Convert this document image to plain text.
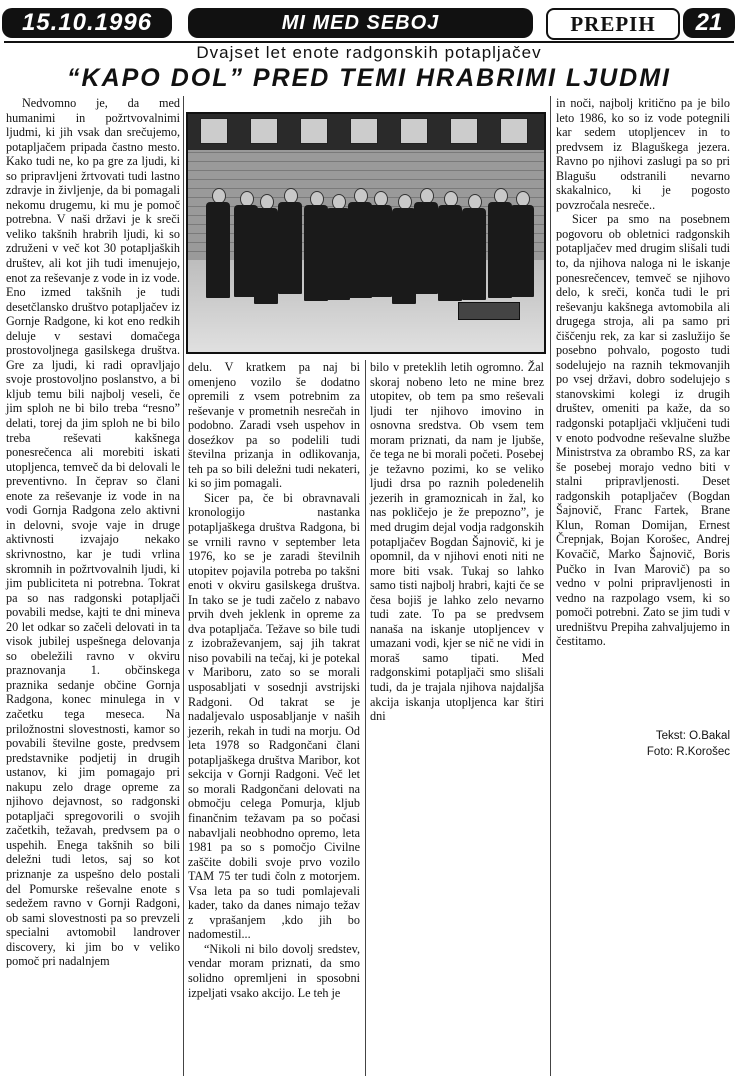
15.10.1996	MI MED SEBOJ	PREPIH	21
Dvajset let enote radgonskih potapljačev
“KAPO DOL” PRED TEMI HRABRIMI LJUDMI

Nedvomno je, da med humanimi in požrtvovalnimi ljudmi, ki jih vsak dan srečujemo, potapljačem pripada častno mesto. Kako tudi ne, ko pa gre za ljudi, ki so pripravljeni žrtvovati tudi lastno zdravje in življenje, da bi pomagali nekomu drugemu, ki mu je pomoč potrebna. V naši državi je k sreči veliko takšnih hrabrih ljudi, ki so združeni v več kot 30 potapljaških društev, ali kot jih tudi imenujejo, enot za reševanje z vode in iz vode. Eno izmed takšnih je tudi desetčlansko društvo potapljačev iz Gornje Radgone, ki kot eno redkih deluje v sestavi domačega prostovoljnega gasilskega društva. Gre za ljudi, ki radi opravljajo svoje prostovoljno poslanstvo, a bi kljub temu bili najbolj veseli, če jim sploh ne bi bilo treba “resno” delati, torej da jim sploh ne bi bilo treba reševati kakšnega ponesrečenca ali morebiti iskati utopljenca, temveč da bi delovali le preventivno. In čeprav so člani enote za reševanje iz vode in na vodi Gornja Radgona zelo aktivni in delovni, svoje vaje in druge aktivnosti izvajajo nekako skrivnostno, kar je tudi vrlina skromnih in požrtvovalnih ljudi, ki jim publiciteta ni potrebna. Tokrat pa so nas radgonski potapljači povabili medse, kajti te dni mineva 20 let odkar so začeli delovati in ta visok jubilej uspešnega delovanja so obeležili ravno v okviru praznovanja 1. občinskega praznika sedanje občine Gornja Radgona, konec minulega in v začetku tega meseca. Na priložnostni slovestnosti, kamor so povabili številne goste, predvsem predstavnike podjetij in drugih ustanov, ki jim pomagajo pri nakupu zelo drage opreme za njihovo dejavnost, so radgonski potapljači spregovorili o svojih začetkih, težavah, predvsem pa o uspehih. Enega takšnih so bili deležni tudi letos, saj so kot priznanje za uspešno delo postali del Pomurske reševalne enote s sedežem ravno v Gornji Radgoni, ob sami slovestnosti pa so prevzeli specialni avtomobil landrover discovery, ki jim bo v veliko pomoč pri nadalnjem

delu. V kratkem pa naj bi omenjeno vozilo še dodatno opremili z vsem potrebnim za reševanje v prometnih nesrečah in podobno. Zaradi vseh uspehov in doseźkov pa so podelili tudi številna prizanja in odlikovanja, teh pa so bili deležni tudi nekateri, ki so jim pomagali.

Sicer pa, če bi obravnavali kronologijo nastanka potapljaškega društva Radgona, bi se vrnili ravno v september leta 1976, ko se je zaradi številnih utopitev pojavila potreba po takšni enoti v okviru gasilskega društva. In tako se je tudi začelo z nabavo prvih dveh jeklenk in opreme za dva potapljača. Težave so bile tudi z izobraževanjem, saj jih takrat niso povabili na tečaj, ki je potekal v Mariboru, zato so se morali usposabljati v sosednji avstrijski Radgoni. Od takrat se je nadaljevalo usposabljanje v naših jezerih, rekah in tudi na morju. Od leta 1978 so Radgončani člani potapljaškega društva Maribor, kot sekcija v Gornji Radgoni. Več let so morali Radgončani delovati na območju celega Pomurja, kljub finančnim težavam pa so počasi nabavljali neobhodno opremo, leta 1981 pa so s pomočjo Civilne zaščite dobili svoje prvo vozilo TAM 75 ter tudi čoln z motorjem. Vsa leta pa so tudi pomlajevali kader, tako da danes nimajo težav z vprašanjem ,kdo jih bo nadomestil...

“Nikoli ni bilo dovolj sredstev, vendar moram priznati, da smo solidno opremljeni in sposobni izpeljati vsako akcijo. Le teh je

bilo v preteklih letih ogromno. Žal skoraj nobeno leto ne mine brez utopitev, ob tem pa smo reševali ljudi ter njihovo imovino in osnovna sredstva. Ob vsem tem moram priznati, da nam je ljubše, če tega ne bi morali početi. Posebej je težavno pozimi, ko se veliko ljudi drsa po raznih poledenelih jezerih in gramoznicah in žal, ko nas pokličejo je že prepozno”, je med drugim dejal vodja radgonskih potapljačev Bogdan Šajnovič, ki je opomnil, da v njihovi enoti niti ne more biti vsak. Tukaj so lahko samo tisti najbolj hrabri, kajti če se česa bojiš je lahko zelo nevarno tudi zate. To pa se predvsem nanaša na iskanje utopljencev v umazani vodi, kjer se nič ne vidi in moraš samo tipati. Med radgonskimi potapljači smo slišali tudi, da je trajala njihova najdaljša akcija iskanja utopljenca kar štiri dni

in noči, najbolj kritično pa je bilo leto 1986, ko so iz vode potegnili kar sedem utopljencev in to predvsem iz Blaguškega jezera. Ravno po njihovi zaslugi pa so pri Blagušu odstranili nevarno skakalnico, ki je pogosto povzročala nesreče..

Sicer pa smo na posebnem pogovoru ob obletnici radgonskih potapljačev med drugim slišali tudi to, da njihova naloga ni le iskanje ponesrečencev, temveč se njihovo delo, k sreči, konča tudi le pri reševanju kakšnega avtomobila ali drugega stroja, ali pa samo pri čiščenju rek, za kar si zaslužijo še posebno pohvalo, pogosto tudi sodelujejo na raznih tekmovanjih po vsej državi, dobro sodelujejo s stanovskimi kolegi iz drugih društev, omeniti pa kaže, da so radgonski potapljači vključeni tudi v enoto podvodne reševalne službe Ministrstva za obrambo RS, za kar še posebej morajo vedno biti v stalni pripravljenosti. Deset radgonskih potapljačev (Bogdan Šajnovič, Franc Fartek, Brane Klun, Roman Domijan, Ernest Črepnjak, Bojan Korošec, Andrej Kovačič, Marko Šajnovič, Boris Pučko in Ivan Marovič) pa so vedno v polni pripravljenosti in vedno na razpolago vsem, ki so pomoči potrebni. Zato se jim tudi v uredništvu Prepiha zahvaljujemo in čestitamo.

Tekst: O.Bakal
Foto: R.Korošec
